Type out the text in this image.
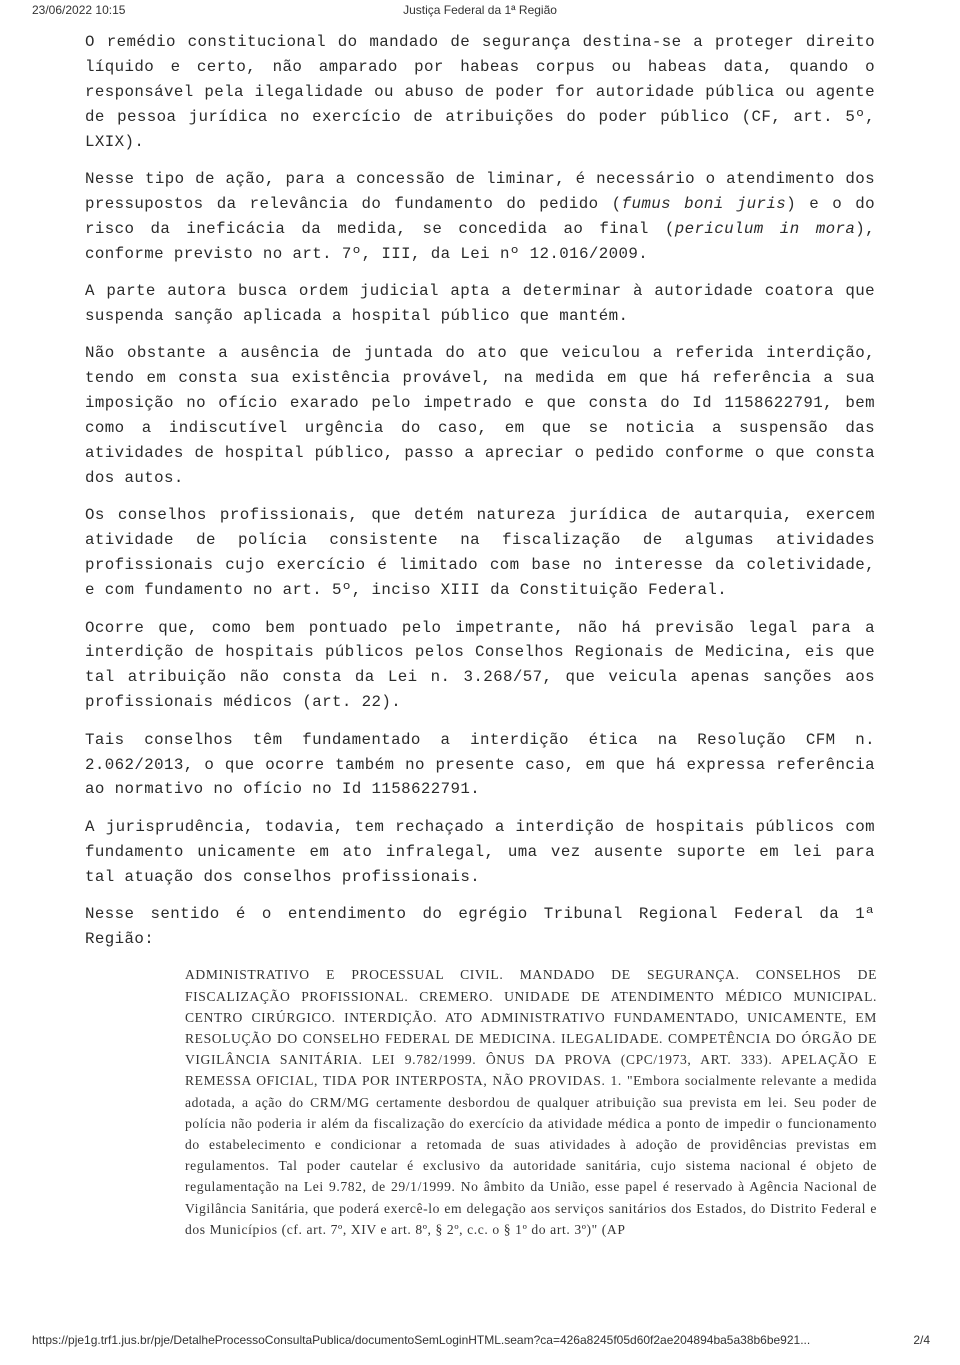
23/06/2022 10:15	Justiça Federal da 1ª Região

O remédio constitucional do mandado de segurança destina-se a proteger direito líquido e certo, não amparado por habeas corpus ou habeas data, quando o responsável pela ilegalidade ou abuso de poder for autoridade pública ou agente de pessoa jurídica no exercício de atribuições do poder público (CF, art. 5º, LXIX).

Nesse tipo de ação, para a concessão de liminar, é necessário o atendimento dos pressupostos da relevância do fundamento do pedido (fumus boni juris) e o do risco da ineficácia da medida, se concedida ao final (periculum in mora), conforme previsto no art. 7º, III, da Lei nº 12.016/2009.

A parte autora busca ordem judicial apta a determinar à autoridade coatora que suspenda sanção aplicada a hospital público que mantém.

Não obstante a ausência de juntada do ato que veiculou a referida interdição, tendo em consta sua existência provável, na medida em que há referência a sua imposição no ofício exarado pelo impetrado e que consta do Id 1158622791, bem como a indiscutível urgência do caso, em que se noticia a suspensão das atividades de hospital público, passo a apreciar o pedido conforme o que consta dos autos.

Os conselhos profissionais, que detém natureza jurídica de autarquia, exercem atividade de polícia consistente na fiscalização de algumas atividades profissionais cujo exercício é limitado com base no interesse da coletividade, e com fundamento no art. 5º, inciso XIII da Constituição Federal.

Ocorre que, como bem pontuado pelo impetrante, não há previsão legal para a interdição de hospitais públicos pelos Conselhos Regionais de Medicina, eis que tal atribuição não consta da Lei n. 3.268/57, que veicula apenas sanções aos profissionais médicos (art. 22).

Tais conselhos têm fundamentado a interdição ética na Resolução CFM n. 2.062/2013, o que ocorre também no presente caso, em que há expressa referência ao normativo no ofício no Id 1158622791.

A jurisprudência, todavia, tem rechaçado a interdição de hospitais públicos com fundamento unicamente em ato infralegal, uma vez ausente suporte em lei para tal atuação dos conselhos profissionais.

Nesse sentido é o entendimento do egrégio Tribunal Regional Federal da 1ª Região:

ADMINISTRATIVO E PROCESSUAL CIVIL. MANDADO DE SEGURANÇA. CONSELHOS DE FISCALIZAÇÃO PROFISSIONAL. CREMERO. UNIDADE DE ATENDIMENTO MÉDICO MUNICIPAL. CENTRO CIRÚRGICO. INTERDIÇÃO. ATO ADMINISTRATIVO FUNDAMENTADO, UNICAMENTE, EM RESOLUÇÃO DO CONSELHO FEDERAL DE MEDICINA. ILEGALIDADE. COMPETÊNCIA DO ÓRGÃO DE VIGILÂNCIA SANITÁRIA. LEI 9.782/1999. ÔNUS DA PROVA (CPC/1973, ART. 333). APELAÇÃO E REMESSA OFICIAL, TIDA POR INTERPOSTA, NÃO PROVIDAS. 1. "Embora socialmente relevante a medida adotada, a ação do CRM/MG certamente desbordou de qualquer atribuição sua prevista em lei. Seu poder de polícia não poderia ir além da fiscalização do exercício da atividade médica a ponto de impedir o funcionamento do estabelecimento e condicionar a retomada de suas atividades à adoção de providências previstas em regulamentos. Tal poder cautelar é exclusivo da autoridade sanitária, cujo sistema nacional é objeto de regulamentação na Lei 9.782, de 29/1/1999. No âmbito da União, esse papel é reservado à Agência Nacional de Vigilância Sanitária, que poderá exercê-lo em delegação aos serviços sanitários dos Estados, do Distrito Federal e dos Municípios (cf. art. 7º, XIV e art. 8º, § 2º, c.c. o § 1º do art. 3º)" (AP

https://pje1g.trf1.jus.br/pje/DetalheProcessoConsultaPublica/documentoSemLoginHTML.seam?ca=426a8245f05d60f2ae204894ba5a38b6be921...	2/4
